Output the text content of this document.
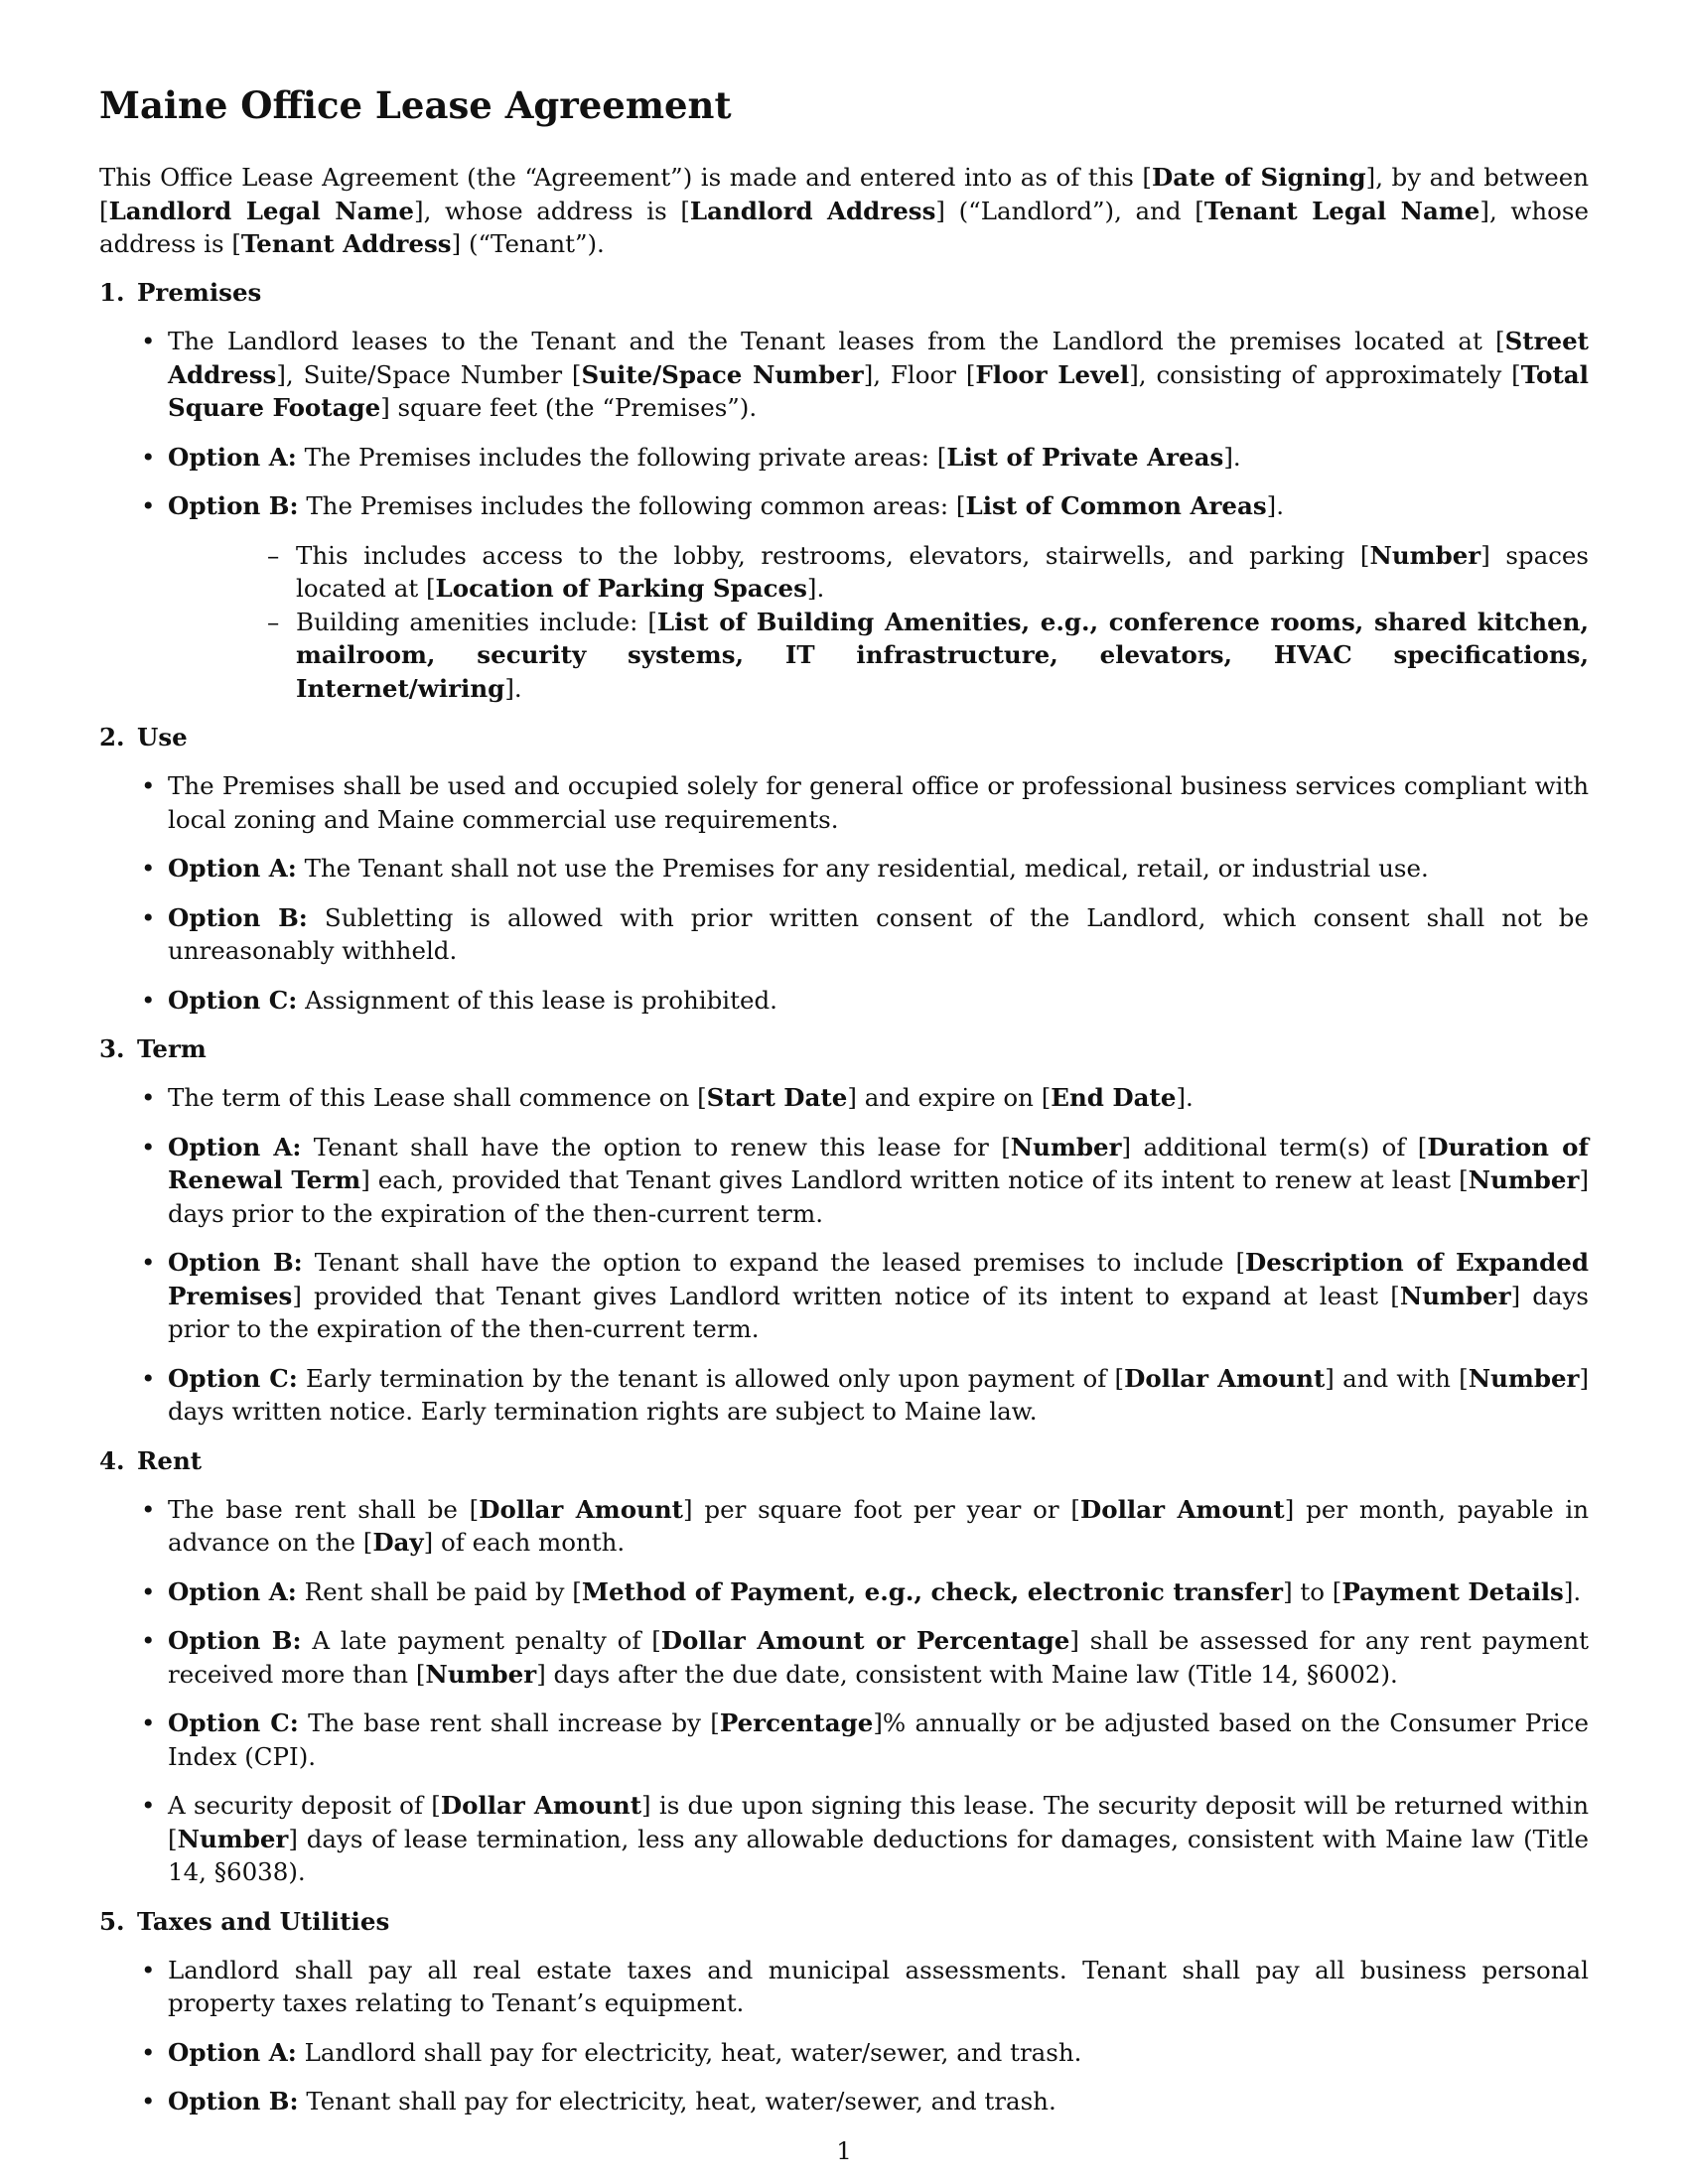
Maine Office Lease Agreement

This Office Lease Agreement (the “Agreement”) is made and entered into as of this [Date of Signing], by and between [Landlord Legal Name], whose address is [Landlord Address] (“Landlord”), and [Tenant Legal Name], whose address is [Tenant Address] (“Tenant”).

1. Premises
• The Landlord leases to the Tenant and the Tenant leases from the Landlord the premises located at [Street Address], Suite/Space Number [Suite/Space Number], Floor [Floor Level], consisting of approximately [Total Square Footage] square feet (the “Premises”).
• Option A: The Premises includes the following private areas: [List of Private Areas].
• Option B: The Premises includes the following common areas: [List of Common Areas].
– This includes access to the lobby, restrooms, elevators, stairwells, and parking [Number] spaces located at [Location of Parking Spaces].
– Building amenities include: [List of Building Amenities, e.g., conference rooms, shared kitchen, mailroom, security systems, IT infrastructure, elevators, HVAC specifications, Internet/wiring].
2. Use
• The Premises shall be used and occupied solely for general office or professional business services compliant with local zoning and Maine commercial use requirements.
• Option A: The Tenant shall not use the Premises for any residential, medical, retail, or industrial use.
• Option B: Subletting is allowed with prior written consent of the Landlord, which consent shall not be unreasonably withheld.
• Option C: Assignment of this lease is prohibited.
3. Term
• The term of this Lease shall commence on [Start Date] and expire on [End Date].
• Option A: Tenant shall have the option to renew this lease for [Number] additional term(s) of [Duration of Renewal Term] each, provided that Tenant gives Landlord written notice of its intent to renew at least [Number] days prior to the expiration of the then-current term.
• Option B: Tenant shall have the option to expand the leased premises to include [Description of Expanded Premises] provided that Tenant gives Landlord written notice of its intent to expand at least [Number] days prior to the expiration of the then-current term.
• Option C: Early termination by the tenant is allowed only upon payment of [Dollar Amount] and with [Number] days written notice. Early termination rights are subject to Maine law.
4. Rent
• The base rent shall be [Dollar Amount] per square foot per year or [Dollar Amount] per month, payable in advance on the [Day] of each month.
• Option A: Rent shall be paid by [Method of Payment, e.g., check, electronic transfer] to [Payment Details].
• Option B: A late payment penalty of [Dollar Amount or Percentage] shall be assessed for any rent payment received more than [Number] days after the due date, consistent with Maine law (Title 14, §6002).
• Option C: The base rent shall increase by [Percentage]% annually or be adjusted based on the Consumer Price Index (CPI).
• A security deposit of [Dollar Amount] is due upon signing this lease. The security deposit will be returned within [Number] days of lease termination, less any allowable deductions for damages, consistent with Maine law (Title 14, §6038).
5. Taxes and Utilities
• Landlord shall pay all real estate taxes and municipal assessments. Tenant shall pay all business personal property taxes relating to Tenant’s equipment.
• Option A: Landlord shall pay for electricity, heat, water/sewer, and trash.
• Option B: Tenant shall pay for electricity, heat, water/sewer, and trash.
1
